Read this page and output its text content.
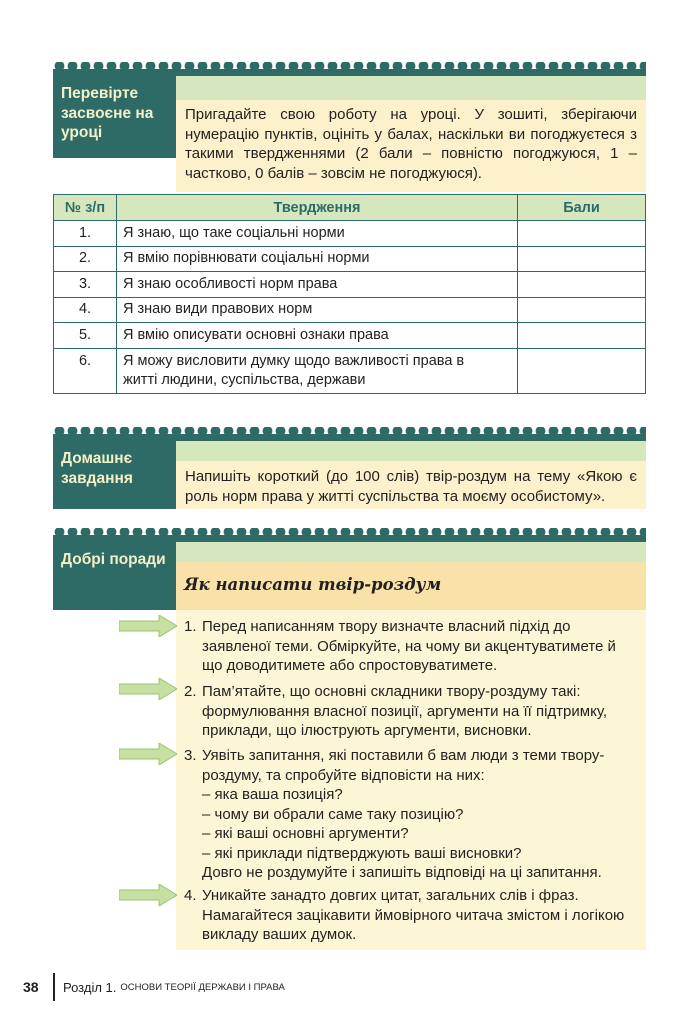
Перевірте засвоєне на уроці
Пригадайте свою роботу на уроці. У зошиті, зберігаючи нумерацію пунктів, оцініть у балах, наскільки ви погоджуєтеся з такими твердженнями (2 бали – повністю погоджуюся, 1 – частково, 0 балів – зовсім не погоджуюся).
№ з/п	Твердження	Бали
1.	Я знаю, що таке соціальні норми	
2.	Я вмію порівнювати соціальні норми	
3.	Я знаю особливості норм права	
4.	Я знаю види правових норм	
5.	Я вмію описувати основні ознаки права	
6.	Я можу висловити думку щодо важливості права в житті людини, суспільства, держави	
Домашнє завдання	Напишіть короткий (до 100 слів) твір-роздум на тему «Якою є роль норм права у житті суспільства та моєму особистому».
Добрі поради
Як написати твір-роздум
1. Перед написанням твору визначте власний підхід до заявленої теми. Обміркуйте, на чому ви акцентуватимете й що доводитимете або спростовуватимете.
2. Пам’ятайте, що основні складники твору-роздуму такі: формулювання власної позиції, аргументи на її підтримку, приклади, що ілюструють аргументи, висновки.
3. Уявіть запитання, які поставили б вам люди з теми твору-роздуму, та спробуйте відповісти на них:
– яка ваша позиція?
– чому ви обрали саме таку позицію?
– які ваші основні аргументи?
– які приклади підтверджують ваші висновки?
Довго не роздумуйте і запишіть відповіді на ці запитання.
4. Уникайте занадто довгих цитат, загальних слів і фраз. Намагайтеся зацікавити ймовірного читача змістом і логікою викладу ваших думок.
38	Розділ 1. ОСНОВИ ТЕОРІЇ ДЕРЖАВИ І ПРАВА
